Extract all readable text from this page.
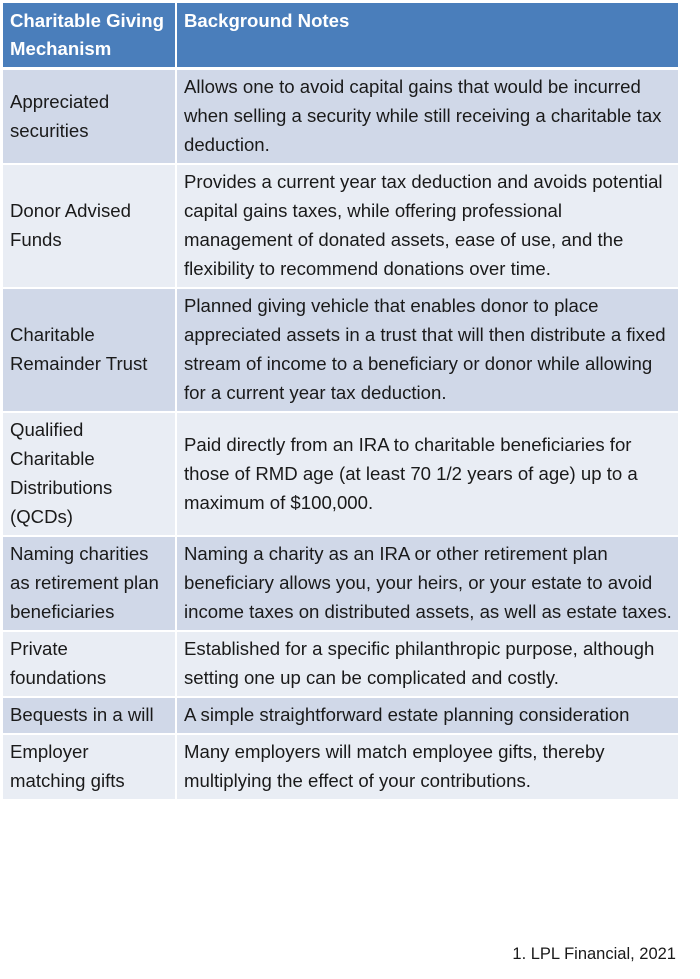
Charitable Giving Mechanism	Background Notes
Appreciated securities	Allows one to avoid capital gains that would be incurred when selling a security while still receiving a charitable tax deduction.
Donor Advised Funds	Provides a current year tax deduction and avoids potential capital gains taxes, while offering professional management of donated assets, ease of use, and the flexibility to recommend donations over time.
Charitable Remainder Trust	Planned giving vehicle that enables donor to place appreciated assets in a trust that will then distribute a fixed stream of income to a beneficiary or donor while allowing for a current year tax deduction.
Qualified Charitable Distributions (QCDs)	Paid directly from an IRA to charitable beneficiaries for those of RMD age (at least 70 1/2 years of age) up to a maximum of $100,000.
Naming charities as retirement plan beneficiaries	Naming a charity as an IRA or other retirement plan beneficiary allows you, your heirs, or your estate to avoid income taxes on distributed assets, as well as estate taxes.
Private foundations	Established for a specific philanthropic purpose, although setting one up can be complicated and costly.
Bequests in a will	A simple straightforward estate planning consideration
Employer matching gifts	Many employers will match employee gifts, thereby multiplying the effect of your contributions.
1. LPL Financial, 2021
